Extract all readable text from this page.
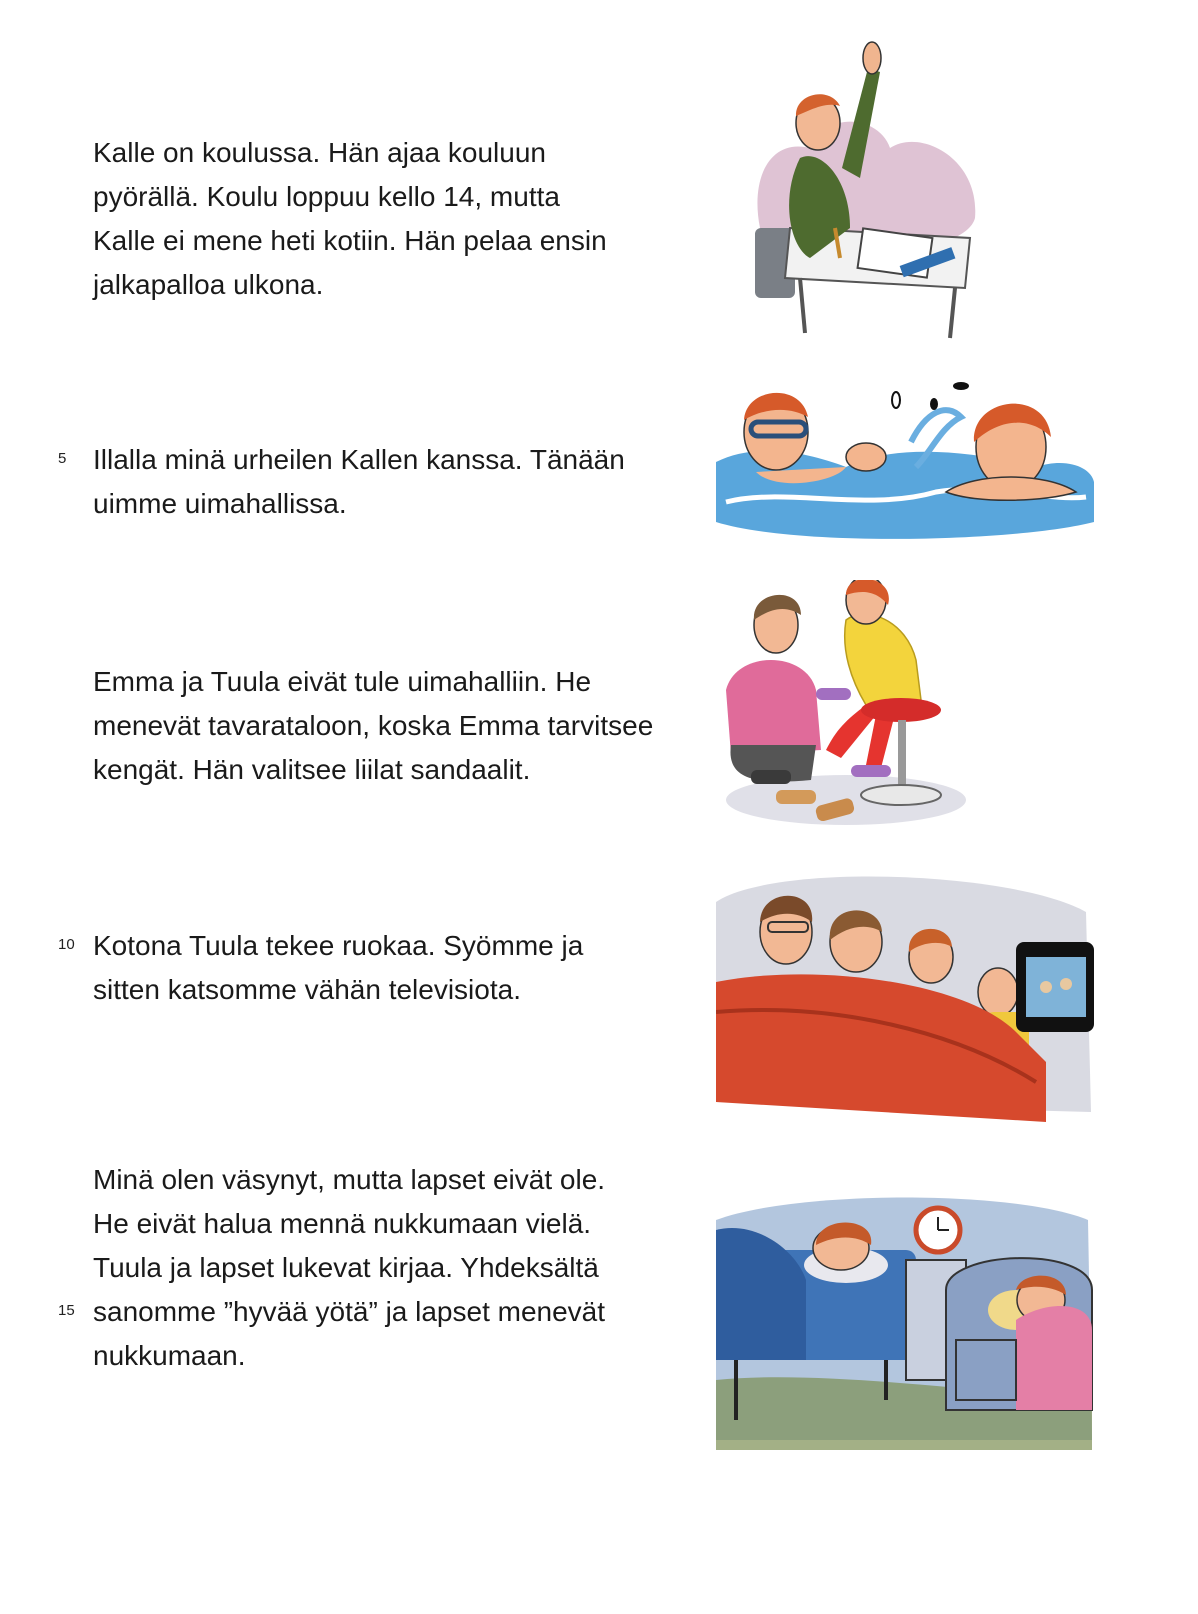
Kalle on koulussa. Hän ajaa kouluun
pyörällä. Koulu loppuu kello 14, mutta
Kalle ei mene heti kotiin. Hän pelaa ensin
jalkapalloa ulkona.
5 Illalla minä urheilen Kallen kanssa. Tänään
uimme uimahallissa.
Emma ja Tuula eivät tule uimahalliin. He
menevät tavarataloon, koska Emma tarvitsee
kengät. Hän valitsee liilat sandaalit.
10 Kotona Tuula tekee ruokaa. Syömme ja
sitten katsomme vähän televisiota.
15
Minä olen väsynyt, mutta lapset eivät ole.
He eivät halua mennä nukkumaan vielä.
Tuula ja lapset lukevat kirjaa. Yhdeksältä
sanomme ”hyvää yötä” ja lapset menevät
nukkumaan.
